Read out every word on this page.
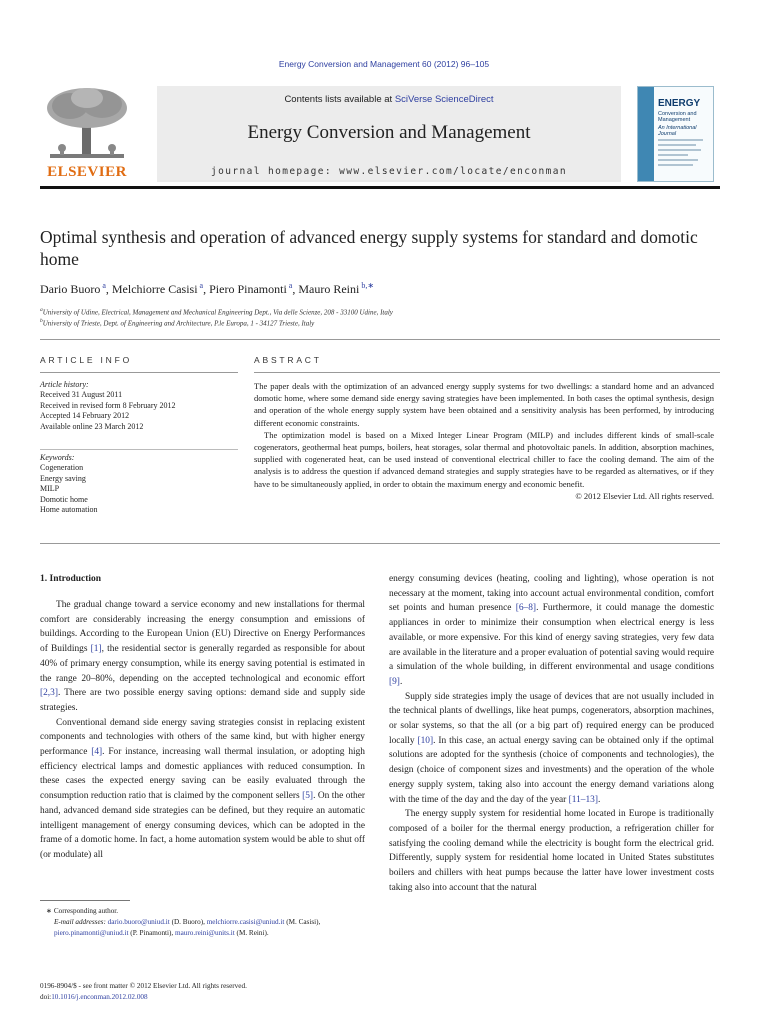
Energy Conversion and Management 60 (2012) 96–105
ELSEVIER
Contents lists available at SciVerse ScienceDirect
Energy Conversion and Management
journal homepage: www.elsevier.com/locate/enconman
ENERGY
Conversion and Management
An International Journal
Optimal synthesis and operation of advanced energy supply systems for standard and domotic home
Dario Buoro $^a$, Melchiorre Casisi $^a$, Piero Pinamonti $^a$, Mauro Reini $^{b,∗}$
$^a$University of Udine, Electrical, Management and Mechanical Engineering Dept., Via delle Scienze, 208 - 33100 Udine, Italy
$^b$University of Trieste, Dept. of Engineering and Architecture, P.le Europa, 1 - 34127 Trieste, Italy
ARTICLE INFO
Article history:
Received 31 August 2011
Received in revised form 8 February 2012
Accepted 14 February 2012
Available online 23 March 2012
Keywords:
Cogeneration
Energy saving
MILP
Domotic home
Home automation
ABSTRACT

The paper deals with the optimization of an advanced energy supply systems for two dwellings: a standard home and an advanced domotic home, where some demand side energy saving strategies have been implemented. In both cases the optimal synthesis, design and operation of the whole energy supply system have been obtained and a sensitivity analysis has been performed, by introducing different economic constraints.

The optimization model is based on a Mixed Integer Linear Program (MILP) and includes different kinds of small-scale cogenerators, geothermal heat pumps, boilers, heat storages, solar thermal and photovoltaic panels. In addition, absorption machines, supplied with cogenerated heat, can be used instead of conventional electrical chiller to face the cooling demand. The aim of the analysis is to address the question if advanced demand strategies and supply strategies have to be regarded as alternatives, or if they have to be simultaneously applied, in order to obtain the maximum energy and economic benefit.

© 2012 Elsevier Ltd. All rights reserved.
1. Introduction

The gradual change toward a service economy and new installations for thermal comfort are considerably increasing the energy consumption and emissions of buildings. According to the European Union (EU) Directive on Energy Performances of Buildings [1], the residential sector is generally regarded as responsible for about 40% of primary energy consumption, while its energy saving potential is estimated in the range 20–80%, depending on the accepted technological and economic effort [2,3]. There are two possible energy saving options: demand side and supply side strategies.

Conventional demand side energy saving strategies consist in replacing existent components and technologies with others of the same kind, but with higher energy performance [4]. For instance, increasing wall thermal insulation, or adopting high efficiency electrical lamps and domestic appliances with reduced consumption. In these cases the expected energy saving can be easily evaluated through the consumption reduction ratio that is claimed by the component sellers [5]. On the other hand, advanced demand side strategies can be defined, but they require an automatic intelligent management of energy consuming devices, which can be adopted in the frame of a domotic home. In fact, a home automation system would be able to shut off (or modulate) all

energy consuming devices (heating, cooling and lighting), whose operation is not necessary at the moment, taking into account actual environmental condition, comfort set points and human presence [6–8]. Furthermore, it could manage the domestic appliances in order to minimize their consumption when electrical energy is less available, or more expensive. For this kind of energy saving strategies, very few data are available in the literature and a proper evaluation of potential saving would require a simulation of the whole building, in different environmental and usage conditions [9].

Supply side strategies imply the usage of devices that are not usually included in the technical plants of dwellings, like heat pumps, cogenerators, absorption machines, or solar systems, so that the all (or a big part of) required energy can be produced locally [10]. In this case, an actual energy saving can be obtained only if the optimal solutions are adopted for the synthesis (choice of components and technologies), the design (choice of component sizes and investments) and the operation of the whole energy supply system, taking also into account the energy demand variations along with the time of the day and the day of the year [11–13].

The energy supply system for residential home located in Europe is traditionally composed of a boiler for the thermal energy production, a refrigeration chiller for satisfying the cooling demand while the electricity is bought form the electrical grid. Differently, supply system for residential home located in United States substitutes boilers and chillers with heat pumps because the latter have lower investment costs taking also into account that the natural

∗ Corresponding author.
E-mail addresses: dario.buoro@uniud.it (D. Buoro), melchiorre.casisi@uniud.it (M. Casisi), piero.pinamonti@uniud.it (P. Pinamonti), mauro.reini@units.it (M. Reini).
0196-8904/$ - see front matter © 2012 Elsevier Ltd. All rights reserved.
doi:10.1016/j.enconman.2012.02.008
